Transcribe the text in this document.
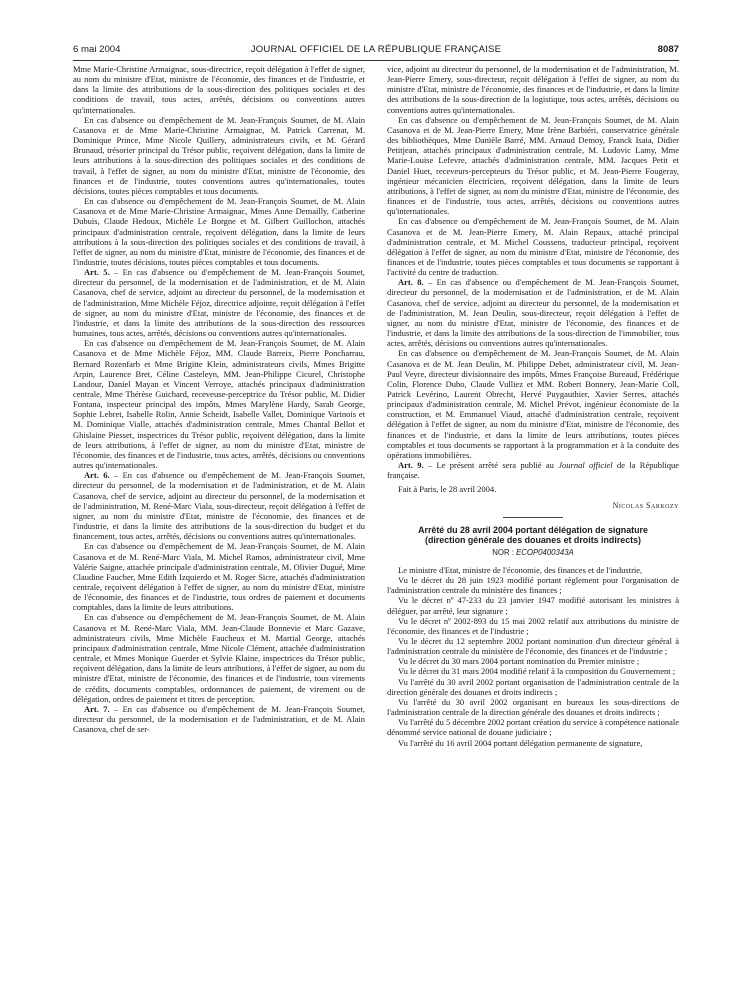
6 mai 2004	JOURNAL OFFICIEL DE LA RÉPUBLIQUE FRANÇAISE	8087

Mme Marie-Christine Armaignac, sous-directrice, reçoit délégation à l'effet de signer, au nom du ministre d'Etat, ministre de l'économie, des finances et de l'industrie, et dans la limite des attributions de la sous-direction des politiques sociales et des conditions de travail, tous actes, arrêtés, décisions ou conventions autres qu'internationales.

En cas d'absence ou d'empêchement de M. Jean-François Soumet, de M. Alain Casanova et de Mme Marie-Christine Armaignac, M. Patrick Carrenat, M. Dominique Prince, Mme Nicole Quillery, administrateurs civils, et M. Gérard Brunaud, trésorier principal du Trésor public, reçoivent délégation, dans la limite de leurs attributions à la sous-direction des politiques sociales et des conditions de travail, à l'effet de signer, au nom du ministre d'Etat, ministre de l'économie, des finances et de l'industrie, toutes conventions autres qu'internationales, toutes décisions, toutes pièces comptables et tous documents.

En cas d'absence ou d'empêchement de M. Jean-François Soumet, de M. Alain Casanova et de Mme Marie-Christine Armaignac, Mmes Anne Demailly, Catherine Dubuis, Claude Hedoux, Michèle Le Borgne et M. Gilbert Guillochon, attachés principaux d'administration centrale, reçoivent délégation, dans la limite de leurs attributions à la sous-direction des politiques sociales et des conditions de travail, à l'effet de signer, au nom du ministre d'Etat, ministre de l'économie, des finances et de l'industrie, toutes décisions, toutes pièces comptables et tous documents.

Art. 5. – En cas d'absence ou d'empêchement de M. Jean-François Soumet, directeur du personnel, de la modernisation et de l'administration, et de M. Alain Casanova, chef de service, adjoint au directeur du personnel, de la modernisation et de l'administration, Mme Michèle Féjoz, directrice adjointe, reçoit délégation à l'effet de signer, au nom du ministre d'Etat, ministre de l'économie, des finances et de l'industrie, et dans la limite des attributions de la sous-direction des ressources humaines, tous actes, arrêtés, décisions ou conventions autres qu'internationales.

En cas d'absence ou d'empêchement de M. Jean-François Soumet, de M. Alain Casanova et de Mme Michèle Féjoz, MM. Claude Barreix, Pierre Poncharrau, Bernard Rozenfarb et Mme Brigitte Klein, administrateurs civils, Mmes Brigitte Arpin, Laurence Bret, Céline Casteleyn, MM. Jean-Philippe Cicurel, Christophe Landour, Daniel Mayan et Vincent Verroye, attachés principaux d'administration centrale, Mme Thérèse Guichard, receveuse-perceptrice du Trésor public, M. Didier Fontana, inspecteur principal des impôts, Mmes Marylène Hardy, Sarah George, Sophie Lebret, Isabelle Rolin, Annie Scheidt, Isabelle Vallet, Dominique Varinois et M. Dominique Vialle, attachés d'administration centrale, Mmes Chantal Bellot et Ghislaine Piesset, inspectrices du Trésor public, reçoivent délégation, dans la limite de leurs attributions, à l'effet de signer, au nom du ministre d'Etat, ministre de l'économie, des finances et de l'industrie, tous actes, arrêtés, décisions ou conventions autres qu'internationales.

Art. 6. – En cas d'absence ou d'empêchement de M. Jean-François Soumet, directeur du personnel, de la modernisation et de l'administration, et de M. Alain Casanova, chef de service, adjoint au directeur du personnel, de la modernisation et de l'administration, M. René-Marc Viala, sous-directeur, reçoit délégation à l'effet de signer, au nom du ministre d'Etat, ministre de l'économie, des finances et de l'industrie, et dans la limite des attributions de la sous-direction du budget et du financement, tous actes, arrêtés, décisions ou conventions autres qu'internationales.

En cas d'absence ou d'empêchement de M. Jean-François Soumet, de M. Alain Casanova et de M. René-Marc Viala, M. Michel Ramos, administrateur civil, Mme Valérie Saigne, attachée principale d'administration centrale, M. Olivier Dugué, Mme Claudine Faucher, Mme Edith Izquierdo et M. Roger Sicre, attachés d'administration centrale, reçoivent délégation à l'effet de signer, au nom du ministre d'Etat, ministre de l'économie, des finances et de l'industrie, tous ordres de paiement et documents comptables, dans la limite de leurs attributions.

En cas d'absence ou d'empêchement de M. Jean-François Soumet, de M. Alain Casanova et M. René-Marc Viala, MM. Jean-Claude Bonnevie et Marc Gazave, administrateurs civils, Mme Michèle Faucheux et M. Martial George, attachés principaux d'administration centrale, Mme Nicole Clément, attachée d'administration centrale, et Mmes Monique Guerder et Sylvie Klaine, inspectrices du Trésor public, reçoivent délégation, dans la limite de leurs attributions, à l'effet de signer, au nom du ministre d'Etat, ministre de l'économie, des finances et de l'industrie, tous virements de crédits, documents comptables, ordonnances de paiement, de virement ou de délégation, ordres de paiement et titres de perception.

Art. 7. – En cas d'absence ou d'empêchement de M. Jean-François Soumet, directeur du personnel, de la modernisation et de l'administration, et de M. Alain Casanova, chef de ser-

vice, adjoint au directeur du personnel, de la modernisation et de l'administration, M. Jean-Pierre Emery, sous-directeur, reçoit délégation à l'effet de signer, au nom du ministre d'Etat, ministre de l'économie, des finances et de l'industrie, et dans la limite des attributions de la sous-direction de la logistique, tous actes, arrêtés, décisions ou conventions autres qu'internationales.

En cas d'absence ou d'empêchement de M. Jean-François Soumet, de M. Alain Casanova et de M. Jean-Pierre Emery, Mme Irène Barbiéri, conservatrice générale des bibliothèques, Mme Danièle Barré, MM. Arnaud Demoy, Franck Isaia, Didier Petitjean, attachés principaux d'administration centrale, M. Ludovic Lamy, Mme Marie-Louise Lefevre, attachés d'administration centrale, MM. Jacques Petit et Daniel Huet, receveurs-percepteurs du Trésor public, et M. Jean-Pierre Fougeray, ingénieur mécanicien électricien, reçoivent délégation, dans la limite de leurs attributions, à l'effet de signer, au nom du ministre d'Etat, ministre de l'économie, des finances et de l'industrie, tous actes, arrêtés, décisions ou conventions autres qu'internationales.

En cas d'absence ou d'empêchement de M. Jean-François Soumet, de M. Alain Casanova et de M. Jean-Pierre Emery, M. Alain Repaux, attaché principal d'administration centrale, et M. Michel Coussens, traducteur principal, reçoivent délégation à l'effet de signer, au nom du ministre d'Etat, ministre de l'économie, des finances et de l'industrie, toutes pièces comptables et tous documents se rapportant à l'activité du centre de traduction.

Art. 8. – En cas d'absence ou d'empêchement de M. Jean-François Soumet, directeur du personnel, de la modernisation et de l'administration, et de M. Alain Casanova, chef de service, adjoint au directeur du personnel, de la modernisation et de l'administration, M. Jean Deulin, sous-directeur, reçoit délégation à l'effet de signer, au nom du ministre d'Etat, ministre de l'économie, des finances et de l'industrie, et dans la limite des attributions de la sous-direction de l'immobilier, tous actes, arrêtés, décisions ou conventions autres qu'internationales.

En cas d'absence ou d'empêchement de M. Jean-François Soumet, de M. Alain Casanova et de M. Jean Deulin, M. Philippe Debet, administrateur civil, M. Jean-Paul Veyre, directeur divisionnaire des impôts, Mmes Françoise Bureaud, Frédérique Colin, Florence Dubo, Claude Vulliez et MM. Robert Bonnery, Jean-Marie Coll, Patrick Levérino, Laurent Obrecht, Hervé Puygauthier, Xavier Serres, attachés principaux d'administration centrale, M. Michel Prévot, ingénieur économiste de la construction, et M. Emmanuel Viaud, attaché d'administration centrale, reçoivent délégation à l'effet de signer, au nom du ministre d'Etat, ministre de l'économie, des finances et de l'industrie, et dans la limite de leurs attributions, toutes pièces comptables et tous documents se rapportant à la programmation et à la conduite des opérations immobilières.

Art. 9. – Le présent arrêté sera publié au Journal officiel de la République française.

Fait à Paris, le 28 avril 2004.

Nicolas Sarkozy

Arrêté du 28 avril 2004 portant délégation de signature

(direction générale des douanes et droits indirects)

NOR : ECOP0400343A

Le ministre d'Etat, ministre de l'économie, des finances et de l'industrie,

Vu le décret du 28 juin 1923 modifié portant règlement pour l'organisation de l'administration centrale du ministère des finances ;

Vu le décret nº 47-233 du 23 janvier 1947 modifié autorisant les ministres à déléguer, par arrêté, leur signature ;

Vu le décret nº 2002-893 du 15 mai 2002 relatif aux attributions du ministre de l'économie, des finances et de l'industrie ;

Vu le décret du 12 septembre 2002 portant nomination d'un directeur général à l'administration centrale du ministère de l'économie, des finances et de l'industrie ;

Vu le décret du 30 mars 2004 portant nomination du Premier ministre ;

Vu le décret du 31 mars 2004 modifié relatif à la composition du Gouvernement ;

Vu l'arrêté du 30 avril 2002 portant organisation de l'administration centrale de la direction générale des douanes et droits indirects ;

Vu l'arrêté du 30 avril 2002 organisant en bureaux les sous-directions de l'administration centrale de la direction générale des douanes et droits indirects ;

Vu l'arrêté du 5 décembre 2002 portant création du service à compétence nationale dénommé service national de douane judiciaire ;

Vu l'arrêté du 16 avril 2004 portant délégation permanente de signature,
